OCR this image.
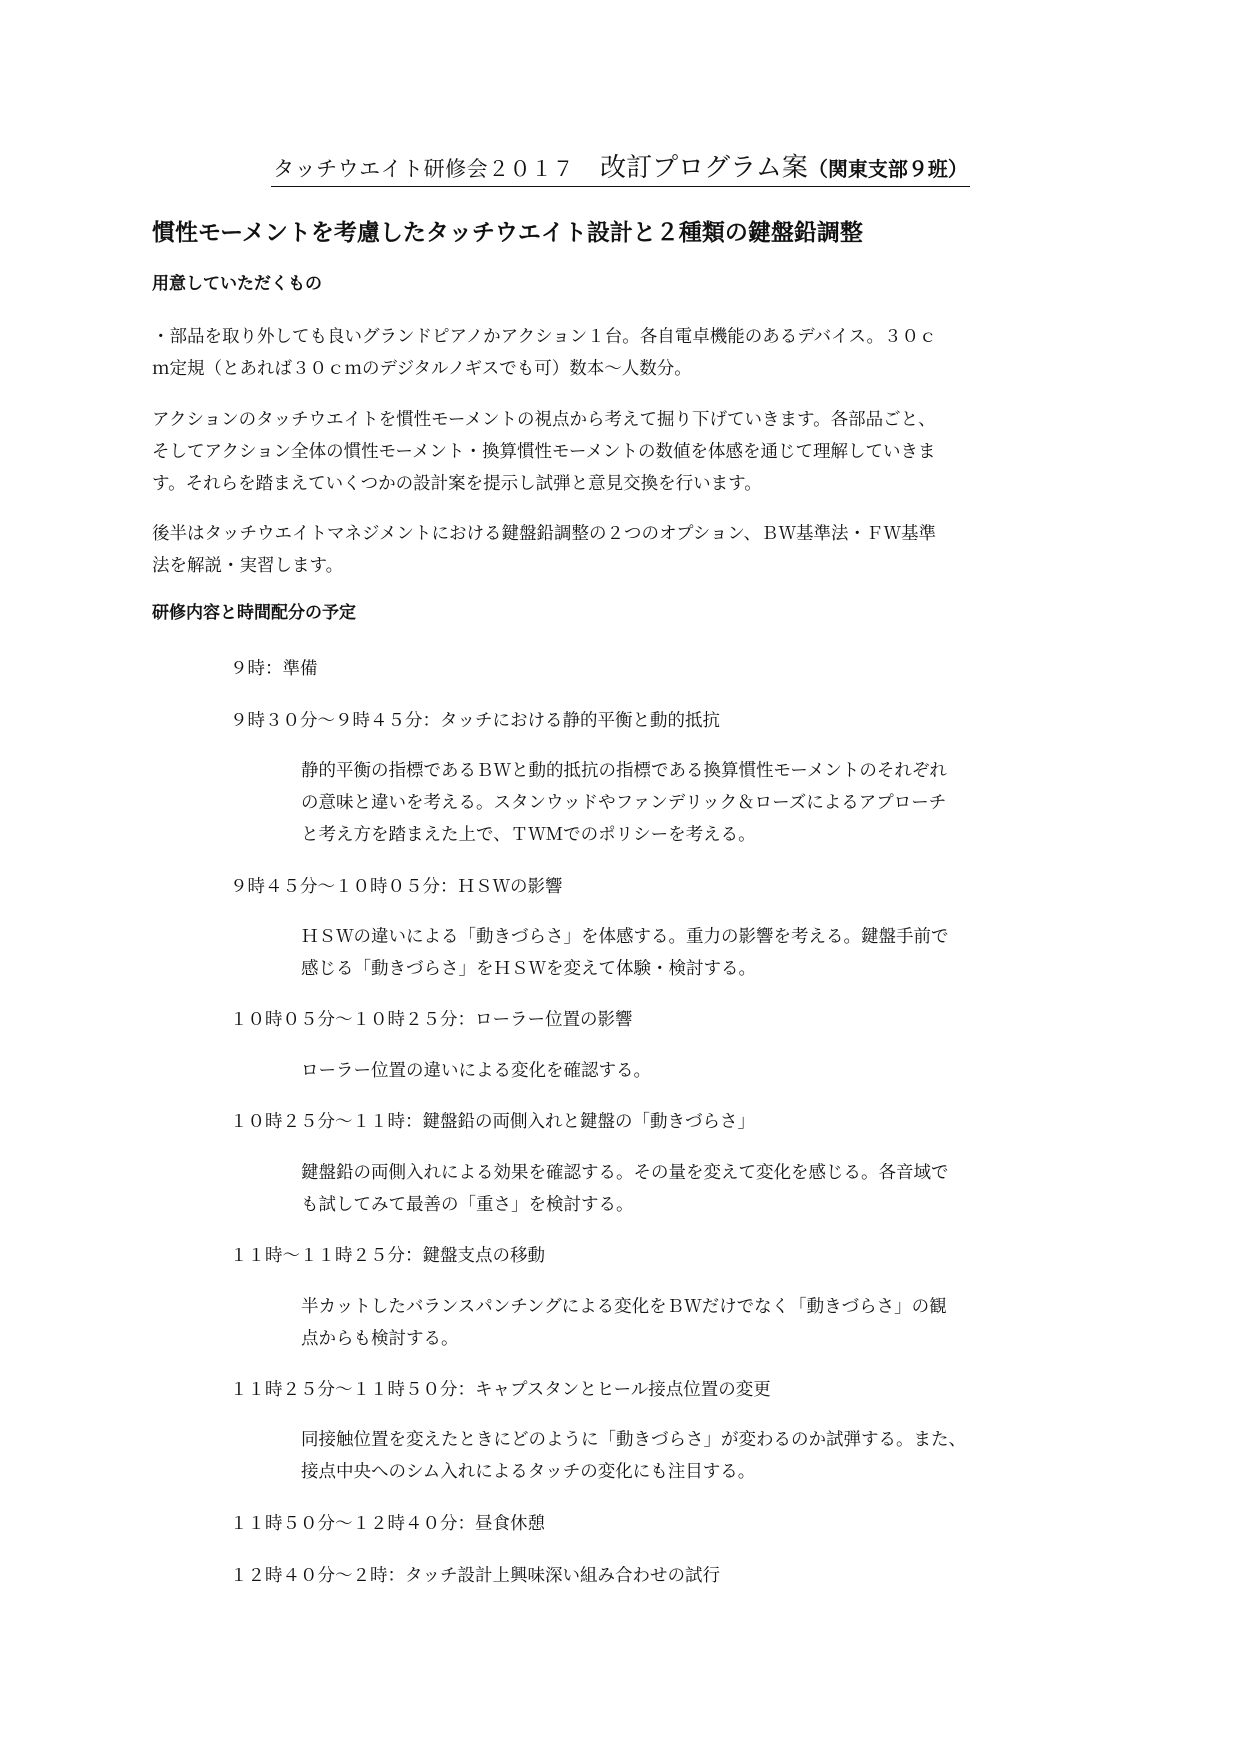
タッチウエイト研修会２０１７ 改訂プログラム案（関東支部９班）
慣性モーメントを考慮したタッチウエイト設計と２種類の鍵盤鉛調整
用意していただくもの
・部品を取り外しても良いグランドピアノかアクション１台。各自電卓機能のあるデバイス。３０ｃ
ｍ定規（とあれば３０ｃｍのデジタルノギスでも可）数本～人数分。
アクションのタッチウエイトを慣性モーメントの視点から考えて掘り下げていきます。各部品ごと、
そしてアクション全体の慣性モーメント・換算慣性モーメントの数値を体感を通じて理解していきま
す。それらを踏まえていくつかの設計案を提示し試弾と意見交換を行います。
後半はタッチウエイトマネジメントにおける鍵盤鉛調整の２つのオプション、ＢＷ基準法・ＦＷ基準
法を解説・実習します。
研修内容と時間配分の予定
９時：準備
９時３０分～９時４５分：タッチにおける静的平衡と動的抵抗
静的平衡の指標であるＢＷと動的抵抗の指標である換算慣性モーメントのそれぞれ
の意味と違いを考える。スタンウッドやファンデリック＆ローズによるアプローチ
と考え方を踏まえた上で、ＴＷＭでのポリシーを考える。
９時４５分～１０時０５分：ＨＳＷの影響
ＨＳＷの違いによる「動きづらさ」を体感する。重力の影響を考える。鍵盤手前で
感じる「動きづらさ」をＨＳＷを変えて体験・検討する。
１０時０５分～１０時２５分：ローラー位置の影響
ローラー位置の違いによる変化を確認する。
１０時２５分～１１時：鍵盤鉛の両側入れと鍵盤の「動きづらさ」
鍵盤鉛の両側入れによる効果を確認する。その量を変えて変化を感じる。各音域で
も試してみて最善の「重さ」を検討する。
１１時～１１時２５分：鍵盤支点の移動
半カットしたバランスパンチングによる変化をＢＷだけでなく「動きづらさ」の観
点からも検討する。
１１時２５分～１１時５０分：キャプスタンとヒール接点位置の変更
同接触位置を変えたときにどのように「動きづらさ」が変わるのか試弾する。また、
接点中央へのシム入れによるタッチの変化にも注目する。
１１時５０分～１２時４０分：昼食休憩
１２時４０分～２時：タッチ設計上興味深い組み合わせの試行
